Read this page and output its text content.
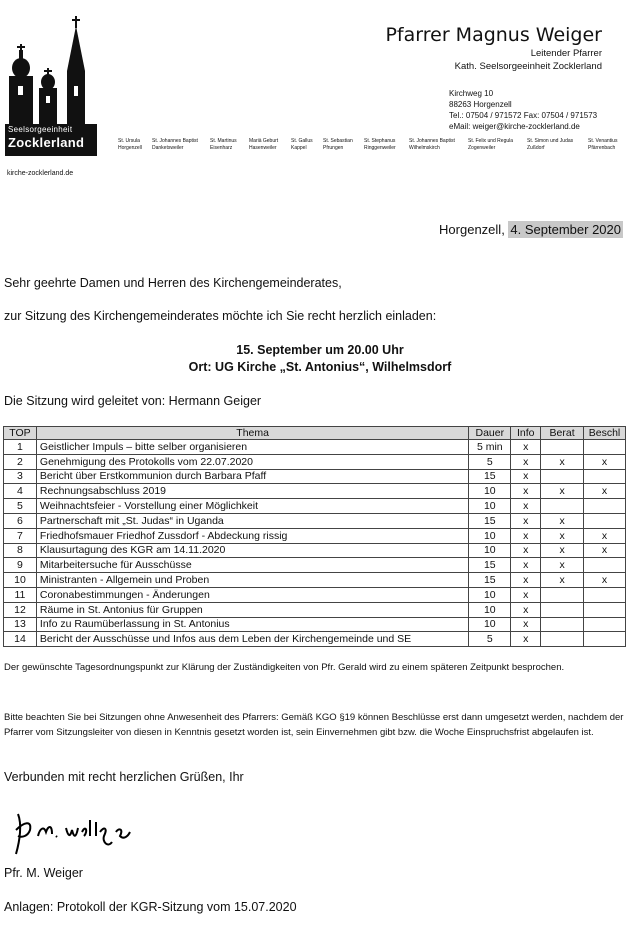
Seelsorgeeinheit
Zocklerland
Pfarrer Magnus Weiger
Leitender Pfarrer
Kath. Seelsorgeeinheit Zocklerland
Kirchweg 10
88263 Horgenzell
Tel.: 07504 / 971572 Fax: 07504 / 971573
eMail: weiger@kirche-zocklerland.de
St. Ursula
Horgenzell
St. Johannes Baptist
Danketsweiler
St. Martinus
Eisenharz
Mariä Geburt
Hasenweiler
St. Gallus
Kappel
St. Sebastian
Pfrungen
St. Stephanus
Ringgenweiler
St. Johannes Baptist
Wilhelmskirch
St. Felix und Regula
Zogenweiler
St. Simon und Judas
Zußdorf
St. Venantius
Pfärrenbach
kirche-zocklerland.de
Horgenzell, 4. September 2020
Sehr geehrte Damen und Herren des Kirchengemeinderates,
zur Sitzung des Kirchengemeinderates möchte ich Sie recht herzlich einladen:
15. September um 20.00 Uhr
Ort: UG Kirche „St. Antonius“, Wilhelmsdorf
Die Sitzung wird geleitet von: Hermann Geiger
TOP	Thema	Dauer	Info	Berat	Beschl
1	Geistlicher Impuls – bitte selber organisieren	5 min	x		
2	Genehmigung des Protokolls vom 22.07.2020	5	x	x	x
3	Bericht über Erstkommunion durch Barbara Pfaff	15	x		
4	Rechnungsabschluss 2019	10	x	x	x
5	Weihnachtsfeier - Vorstellung einer Möglichkeit	10	x		
6	Partnerschaft mit „St. Judas“ in Uganda	15	x	x	
7	Friedhofsmauer Friedhof Zussdorf - Abdeckung rissig	10	x	x	x
8	Klausurtagung des KGR am 14.11.2020	10	x	x	x
9	Mitarbeitersuche für Ausschüsse	15	x	x	
10	Ministranten - Allgemein und Proben	15	x	x	x
11	Coronabestimmungen - Änderungen	10	x		
12	Räume in St. Antonius für Gruppen	10	x		
13	Info zu Raumüberlassung in St. Antonius	10	x		
14	Bericht der Ausschüsse und Infos aus dem Leben der Kirchengemeinde und SE	5	x		
Der gewünschte Tagesordnungspunkt zur Klärung der Zuständigkeiten von Pfr. Gerald wird zu einem späteren Zeitpunkt besprochen.
Bitte beachten Sie bei Sitzungen ohne Anwesenheit des Pfarrers: Gemäß KGO §19 können Beschlüsse erst dann umgesetzt werden, nachdem der Pfarrer vom Sitzungsleiter von diesen in Kenntnis gesetzt worden ist, sein Einvernehmen gibt bzw. die Woche Einspruchsfrist abgelaufen ist.
Verbunden mit recht herzlichen Grüßen, Ihr
Pfr. M. Weiger
Anlagen: Protokoll der KGR-Sitzung vom 15.07.2020
